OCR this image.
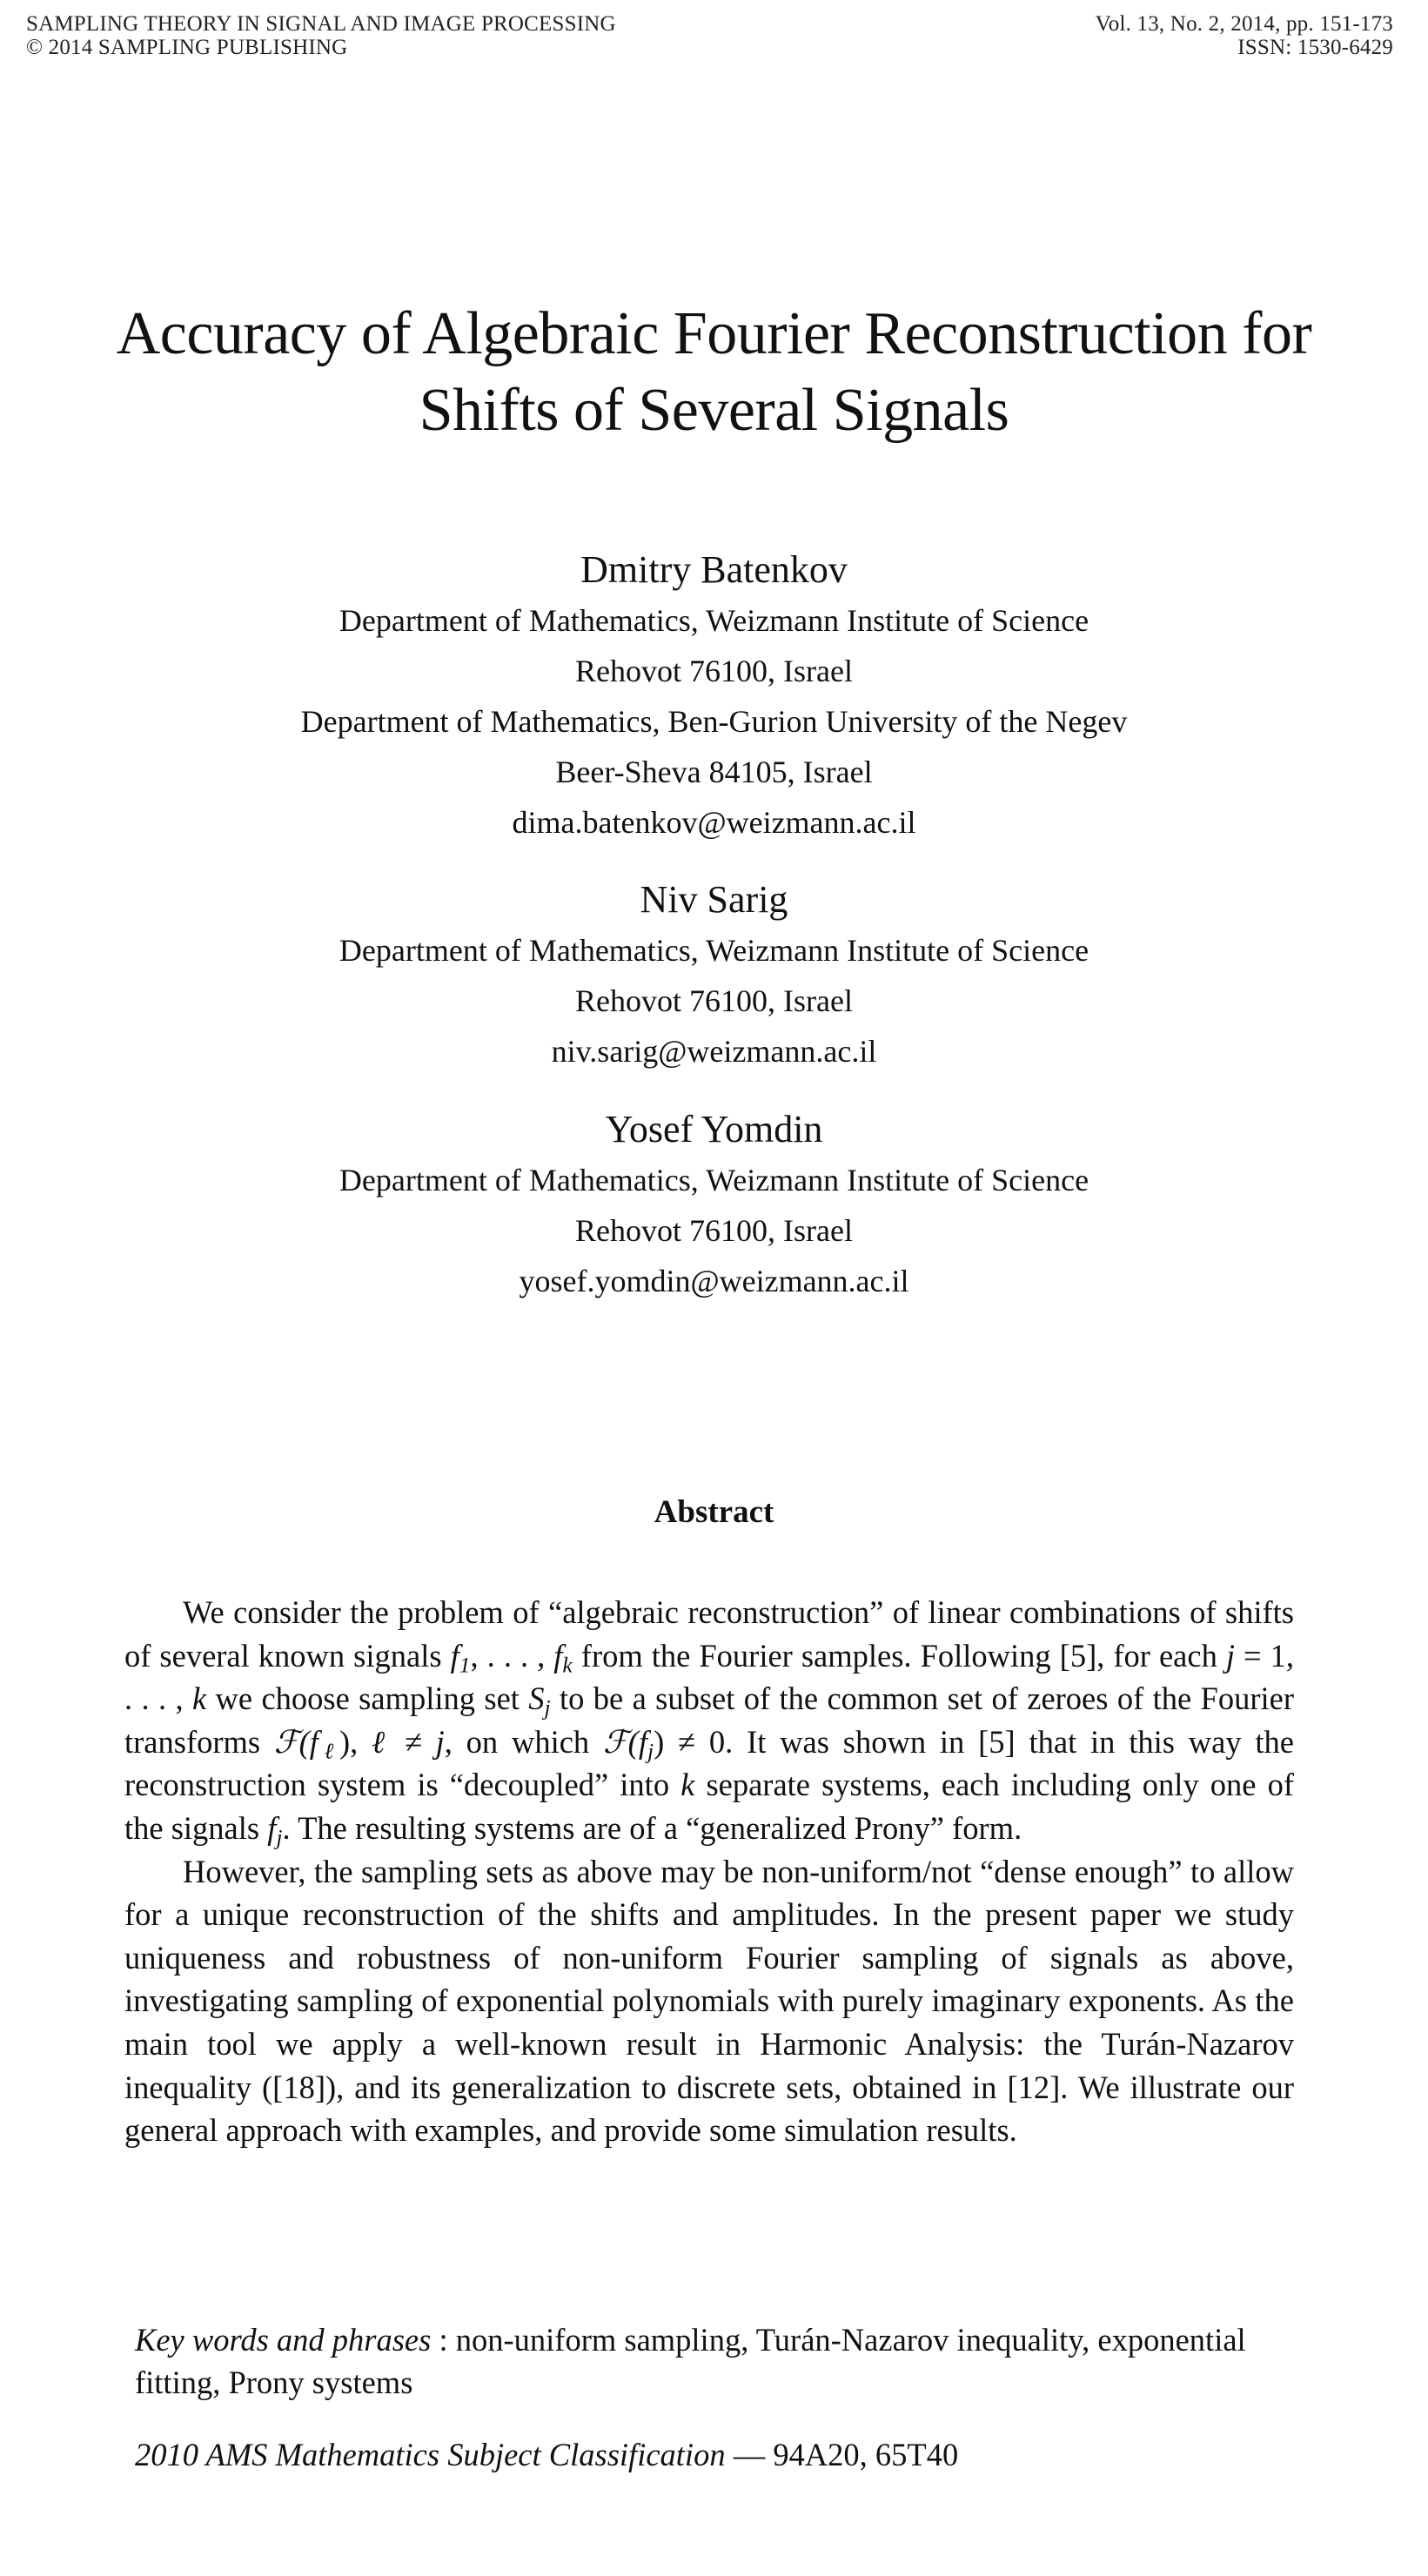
SAMPLING THEORY IN SIGNAL AND IMAGE PROCESSING
© 2014 SAMPLING PUBLISHING
Vol. 13, No. 2, 2014, pp. 151-173
ISSN: 1530-6429
Accuracy of Algebraic Fourier Reconstruction for
Shifts of Several Signals
Dmitry Batenkov
Department of Mathematics, Weizmann Institute of Science
Rehovot 76100, Israel
Department of Mathematics, Ben-Gurion University of the Negev
Beer-Sheva 84105, Israel
dima.batenkov@weizmann.ac.il
Niv Sarig
Department of Mathematics, Weizmann Institute of Science
Rehovot 76100, Israel
niv.sarig@weizmann.ac.il
Yosef Yomdin
Department of Mathematics, Weizmann Institute of Science
Rehovot 76100, Israel
yosef.yomdin@weizmann.ac.il
Abstract

We consider the problem of “algebraic reconstruction” of linear combinations of shifts of several known signals $f_1$, . . . , $f_k$ from the Fourier samples. Following [5], for each j = 1, . . . , k we choose sampling set $S_j$ to be a subset of the common set of zeroes of the Fourier transforms $ℱ(f_\ell)$, ℓ ≠ j, on which $ℱ(f_j) \ne 0$. It was shown in [5] that in this way the reconstruction system is “decoupled” into k separate systems, each including only one of the signals $f_j$. The resulting systems are of a “generalized Prony” form.

However, the sampling sets as above may be non-uniform/not “dense enough” to allow for a unique reconstruction of the shifts and amplitudes. In the present paper we study uniqueness and robustness of non-uniform Fourier sampling of signals as above, investigating sampling of exponential polynomials with purely imaginary exponents. As the main tool we apply a well-known result in Harmonic Analysis: the Turán-Nazarov inequality ([18]), and its generalization to discrete sets, obtained in [12]. We illustrate our general approach with examples, and provide some simulation results.

Key words and phrases : non-uniform sampling, Turán-Nazarov inequality, exponential fitting, Prony systems
2010 AMS Mathematics Subject Classification — 94A20, 65T40
